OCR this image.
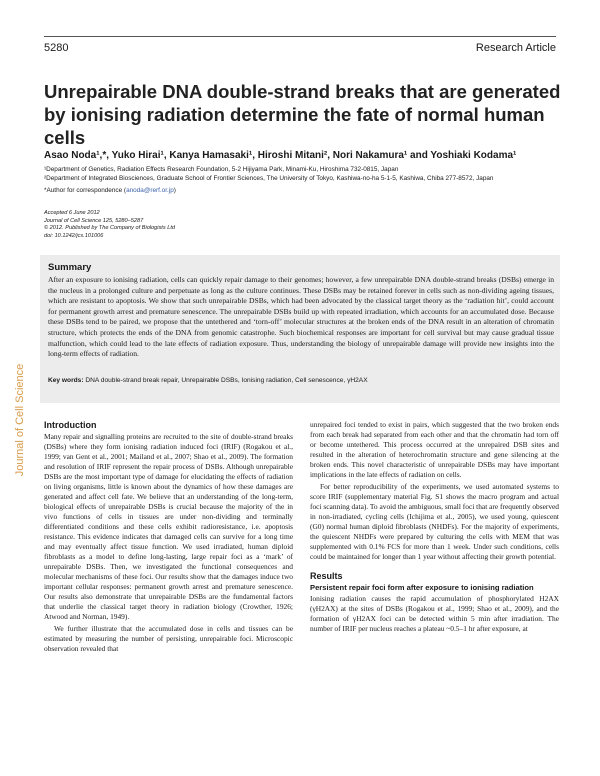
5280	Research Article
Unrepairable DNA double-strand breaks that are generated by ionising radiation determine the fate of normal human cells
Asao Noda¹,*, Yuko Hirai¹, Kanya Hamasaki¹, Hiroshi Mitani², Nori Nakamura¹ and Yoshiaki Kodama¹
¹Department of Genetics, Radiation Effects Research Foundation, 5-2 Hijiyama Park, Minami-Ku, Hiroshima 732-0815, Japan
²Department of Integrated Biosciences, Graduate School of Frontier Sciences, The University of Tokyo, Kashiwa-no-ha 5-1-5, Kashiwa, Chiba 277-8572, Japan
*Author for correspondence (anoda@rerf.or.jp)
Accepted 6 June 2012
Journal of Cell Science 125, 5280–5287
© 2012. Published by The Company of Biologists Ltd
doi: 10.1242/jcs.101006
Summary

After an exposure to ionising radiation, cells can quickly repair damage to their genomes; however, a few unrepairable DNA double-strand breaks (DSBs) emerge in the nucleus in a prolonged culture and perpetuate as long as the culture continues. These DSBs may be retained forever in cells such as non-dividing ageing tissues, which are resistant to apoptosis. We show that such unrepairable DSBs, which had been advocated by the classical target theory as the ‘radiation hit’, could account for permanent growth arrest and premature senescence. The unrepairable DSBs build up with repeated irradiation, which accounts for an accumulated dose. Because these DSBs tend to be paired, we propose that the untethered and ‘torn-off’ molecular structures at the broken ends of the DNA result in an alteration of chromatin structure, which protects the ends of the DNA from genomic catastrophe. Such biochemical responses are important for cell survival but may cause gradual tissue malfunction, which could lead to the late effects of radiation exposure. Thus, understanding the biology of unrepairable damage will provide new insights into the long-term effects of radiation.

Key words: DNA double-strand break repair, Unrepairable DSBs, Ionising radiation, Cell senescence, γH2AX
Journal of Cell Science Introduction

Many repair and signalling proteins are recruited to the site of double-strand breaks (DSBs) where they form ionising radiation induced foci (IRIF) (Rogakou et al., 1999; van Gent et al., 2001; Mailand et al., 2007; Shao et al., 2009). The formation and resolution of IRIF represent the repair process of DSBs. Although unrepairable DSBs are the most important type of damage for elucidating the effects of radiation on living organisms, little is known about the dynamics of how these damages are generated and affect cell fate. We believe that an understanding of the long-term, biological effects of unrepairable DSBs is crucial because the majority of the in vivo functions of cells in tissues are under non-dividing and terminally differentiated conditions and these cells exhibit radioresistance, i.e. apoptosis resistance. This evidence indicates that damaged cells can survive for a long time and may eventually affect tissue function. We used irradiated, human diploid fibroblasts as a model to define long-lasting, large repair foci as a ‘mark’ of unrepairable DSBs. Then, we investigated the functional consequences and molecular mechanisms of these foci. Our results show that the damages induce two important cellular responses: permanent growth arrest and premature senescence. Our results also demonstrate that unrepairable DSBs are the fundamental factors that underlie the classical target theory in radiation biology (Crowther, 1926; Atwood and Norman, 1949).

We further illustrate that the accumulated dose in cells and tissues can be estimated by measuring the number of persisting, unrepairable foci. Microscopic observation revealed that

unrepaired foci tended to exist in pairs, which suggested that the two broken ends from each break had separated from each other and that the chromatin had torn off or become untethered. This process occurred at the unrepaired DSB sites and resulted in the alteration of heterochromatin structure and gene silencing at the broken ends. This novel characteristic of unrepairable DSBs may have important implications in the late effects of radiation on cells.

For better reproducibility of the experiments, we used automated systems to score IRIF (supplementary material Fig. S1 shows the macro program and actual foci scanning data). To avoid the ambiguous, small foci that are frequently observed in non-irradiated, cycling cells (Ichijima et al., 2005), we used young, quiescent (G0) normal human diploid fibroblasts (NHDFs). For the majority of experiments, the quiescent NHDFs were prepared by culturing the cells with MEM that was supplemented with 0.1% FCS for more than 1 week. Under such conditions, cells could be maintained for longer than 1 year without affecting their growth potential.

Results
Persistent repair foci form after exposure to ionising radiation

Ionising radiation causes the rapid accumulation of phosphorylated H2AX (γH2AX) at the sites of DSBs (Rogakou et al., 1999; Shao et al., 2009), and the formation of γH2AX foci can be detected within 5 min after irradiation. The number of IRIF per nucleus reaches a plateau ~0.5–1 hr after exposure, at
